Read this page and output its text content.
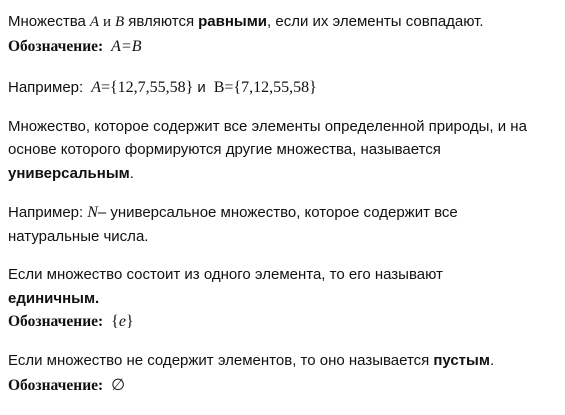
Множества A и B являются равными, если их элементы совпадают.
Обозначение: A=B
Например: A={12,7,55,58} и B={7,12,55,58}
Множество, которое содержит все элементы определенной природы, и на
основе которого формируются другие множества, называется
универсальным.
Например: N– универсальное множество, которое содержит все
натуральные числа.
Если множество состоит из одного элемента, то его называют
единичным.
Обозначение: {e}
Если множество не содержит элементов, то оно называется пустым.
Обозначение: ∅
